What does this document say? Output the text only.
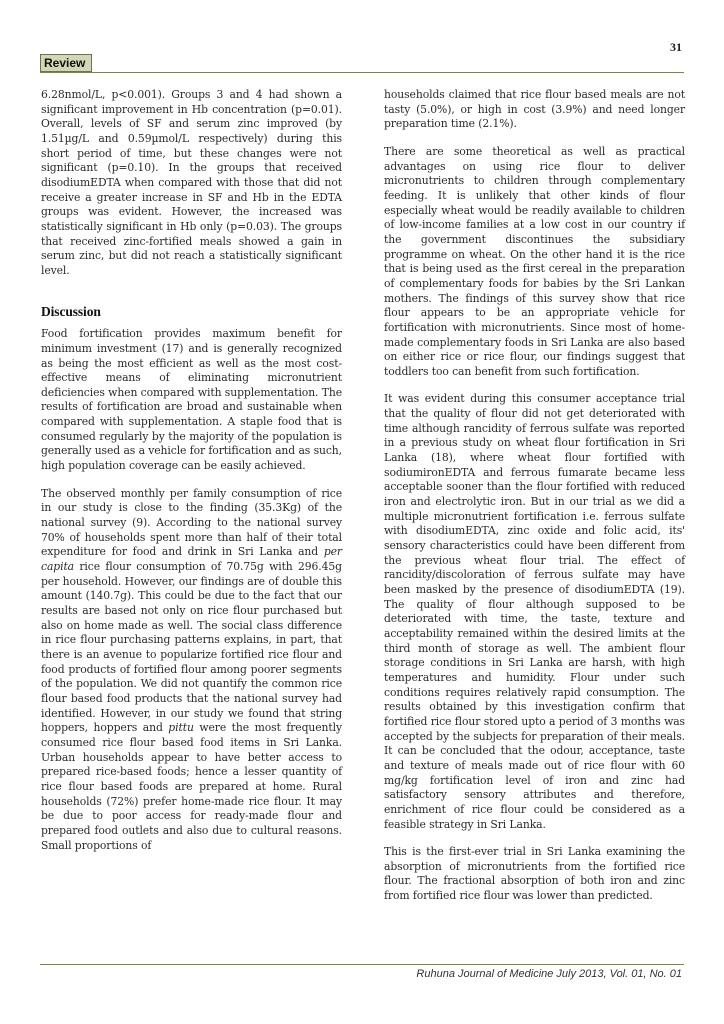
31
Review

6.28nmol/L, p<0.001). Groups 3 and 4 had shown a significant improvement in Hb concentration (p=0.01). Overall, levels of SF and serum zinc improved (by 1.51µg/L and 0.59µmol/L respectively) during this short period of time, but these changes were not significant (p=0.10). In the groups that received disodiumEDTA when compared with those that did not receive a greater increase in SF and Hb in the EDTA groups was evident. However, the increased was statistically significant in Hb only (p=0.03). The groups that received zinc-fortified meals showed a gain in serum zinc, but did not reach a statistically significant level.

Discussion

Food fortification provides maximum benefit for minimum investment (17) and is generally recognized as being the most efficient as well as the most cost-effective means of eliminating micronutrient deficiencies when compared with supplementation. The results of fortification are broad and sustainable when compared with supplementation. A staple food that is consumed regularly by the majority of the population is generally used as a vehicle for fortification and as such, high population coverage can be easily achieved.

The observed monthly per family consumption of rice in our study is close to the finding (35.3Kg) of the national survey (9). According to the national survey 70% of households spent more than half of their total expenditure for food and drink in Sri Lanka and per capita rice flour consumption of 70.75g with 296.45g per household. However, our findings are of double this amount (140.7g). This could be due to the fact that our results are based not only on rice flour purchased but also on home made as well. The social class difference in rice flour purchasing patterns explains, in part, that there is an avenue to popularize fortified rice flour and food products of fortified flour among poorer segments of the population. We did not quantify the common rice flour based food products that the national survey had identified. However, in our study we found that string hoppers, hoppers and pittu were the most frequently consumed rice flour based food items in Sri Lanka. Urban households appear to have better access to prepared rice-based foods; hence a lesser quantity of rice flour based foods are prepared at home. Rural households (72%) prefer home-made rice flour. It may be due to poor access for ready-made flour and prepared food outlets and also due to cultural reasons. Small proportions of

households claimed that rice flour based meals are not tasty (5.0%), or high in cost (3.9%) and need longer preparation time (2.1%).

There are some theoretical as well as practical advantages on using rice flour to deliver micronutrients to children through complementary feeding. It is unlikely that other kinds of flour especially wheat would be readily available to children of low-income families at a low cost in our country if the government discontinues the subsidiary programme on wheat. On the other hand it is the rice that is being used as the first cereal in the preparation of complementary foods for babies by the Sri Lankan mothers. The findings of this survey show that rice flour appears to be an appropriate vehicle for fortification with micronutrients. Since most of home-made complementary foods in Sri Lanka are also based on either rice or rice flour, our findings suggest that toddlers too can benefit from such fortification.

It was evident during this consumer acceptance trial that the quality of flour did not get deteriorated with time although rancidity of ferrous sulfate was reported in a previous study on wheat flour fortification in Sri Lanka (18), where wheat flour fortified with sodiumironEDTA and ferrous fumarate became less acceptable sooner than the flour fortified with reduced iron and electrolytic iron. But in our trial as we did a multiple micronutrient fortification i.e. ferrous sulfate with disodiumEDTA, zinc oxide and folic acid, its' sensory characteristics could have been different from the previous wheat flour trial. The effect of rancidity/discoloration of ferrous sulfate may have been masked by the presence of disodiumEDTA (19). The quality of flour although supposed to be deteriorated with time, the taste, texture and acceptability remained within the desired limits at the third month of storage as well. The ambient flour storage conditions in Sri Lanka are harsh, with high temperatures and humidity. Flour under such conditions requires relatively rapid consumption. The results obtained by this investigation confirm that fortified rice flour stored upto a period of 3 months was accepted by the subjects for preparation of their meals. It can be concluded that the odour, acceptance, taste and texture of meals made out of rice flour with 60 mg/kg fortification level of iron and zinc had satisfactory sensory attributes and therefore, enrichment of rice flour could be considered as a feasible strategy in Sri Lanka.

This is the first-ever trial in Sri Lanka examining the absorption of micronutrients from the fortified rice flour. The fractional absorption of both iron and zinc from fortified rice flour was lower than predicted.

Ruhuna Journal of Medicine July 2013, Vol. 01, No. 01
